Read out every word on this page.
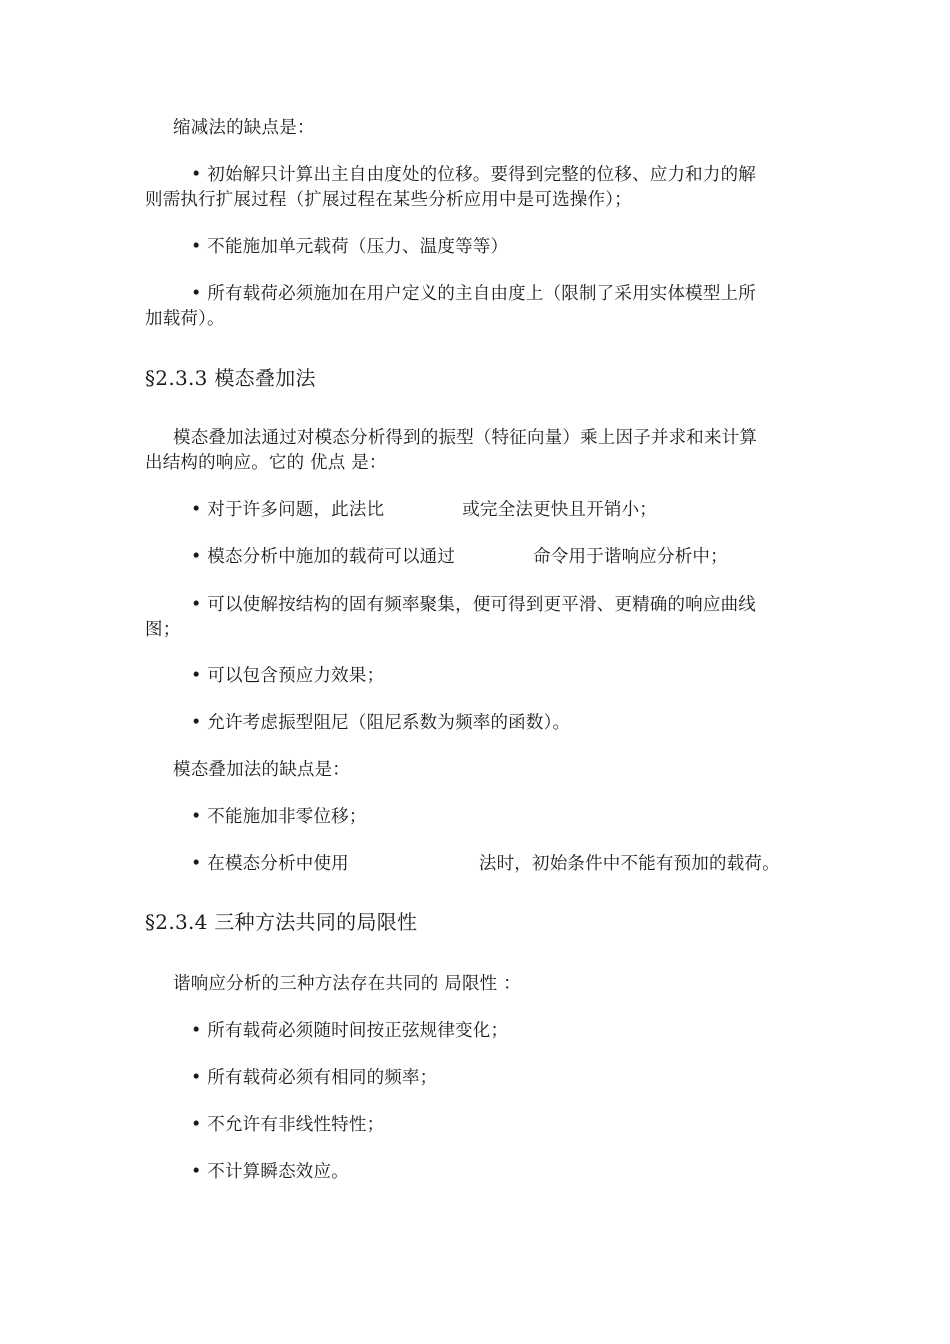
缩减法的缺点是：
• 初始解只计算出主自由度处的位移。要得到完整的位移、应力和力的解
则需执行扩展过程（扩展过程在某些分析应用中是可选操作）；
• 不能施加单元载荷（压力、温度等等）
• 所有载荷必须施加在用户定义的主自由度上（限制了采用实体模型上所
加载荷）。
§2.3.3 模态叠加法
模态叠加法通过对模态分析得到的振型（特征向量）乘上因子并求和来计算
出结构的响应。它的 优点 是：
• 对于许多问题，此法比	或完全法更快且开销小；
• 模态分析中施加的载荷可以通过	命令用于谐响应分析中；
• 可以使解按结构的固有频率聚集，便可得到更平滑、更精确的响应曲线
图；
• 可以包含预应力效果；
• 允许考虑振型阻尼（阻尼系数为频率的函数）。
模态叠加法的缺点是：
• 不能施加非零位移；
• 在模态分析中使用	法时，初始条件中不能有预加的载荷。
§2.3.4 三种方法共同的局限性
谐响应分析的三种方法存在共同的 局限性 ：
• 所有载荷必须随时间按正弦规律变化；
• 所有载荷必须有相同的频率；
• 不允许有非线性特性；
• 不计算瞬态效应。
